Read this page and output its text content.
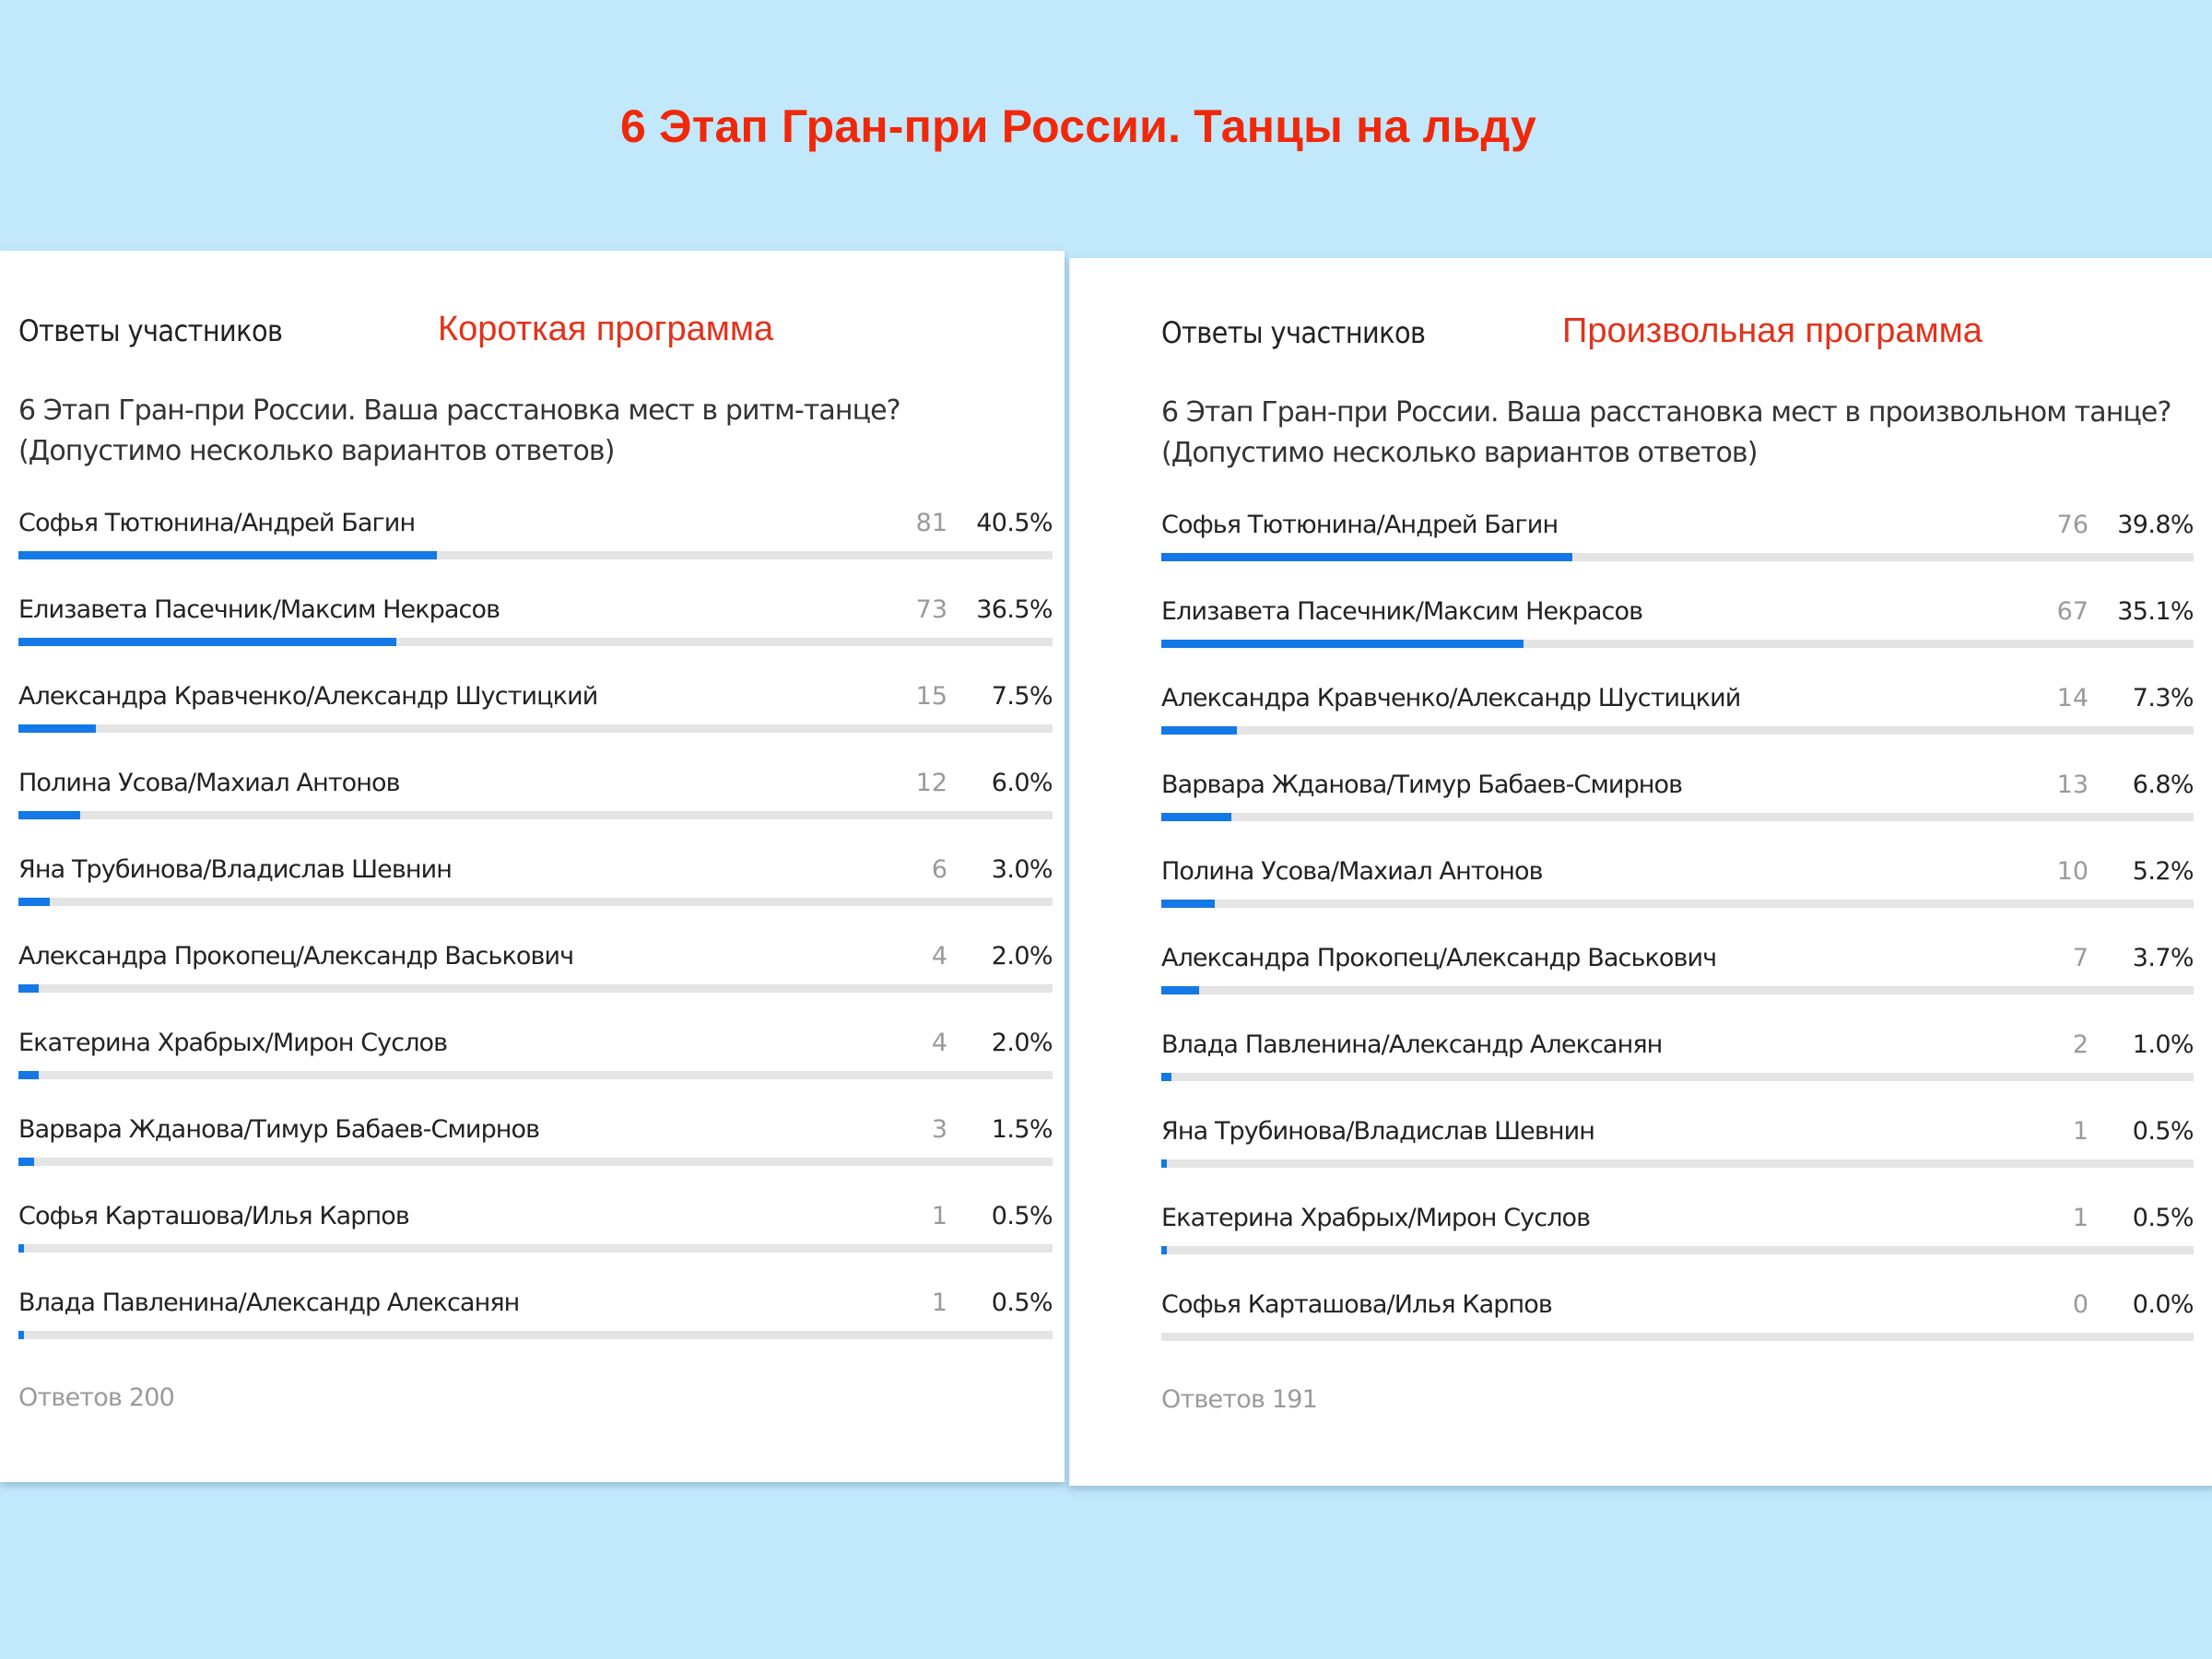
6 Этап Гран-при России. Танцы на льду
Ответы участников	Короткая программа
6 Этап Гран-при России. Ваша расстановка мест в ритм-танце? (Допустимо несколько вариантов ответов)
Софья Тютюнина/Андрей Багин	81 40.5%
Елизавета Пасечник/Максим Некрасов	73 36.5%
Александра Кравченко/Александр Шустицкий	15 7.5%
Полина Усова/Махиал Антонов	12 6.0%
Яна Трубинова/Владислав Шевнин	6 3.0%
Александра Прокопец/Александр Васькович	4 2.0%
Екатерина Храбрых/Мирон Суслов	4 2.0%
Варвара Жданова/Тимур Бабаев-Смирнов	3 1.5%
Софья Карташова/Илья Карпов	1 0.5%
Влада Павленина/Александр Алексанян	1 0.5%
Ответов 200
Ответы участников	Произвольная программа
6 Этап Гран-при России. Ваша расстановка мест в произвольном танце? (Допустимо несколько вариантов ответов)
Софья Тютюнина/Андрей Багин	76 39.8%
Елизавета Пасечник/Максим Некрасов	67 35.1%
Александра Кравченко/Александр Шустицкий	14 7.3%
Варвара Жданова/Тимур Бабаев-Смирнов	13 6.8%
Полина Усова/Махиал Антонов	10 5.2%
Александра Прокопец/Александр Васькович	7 3.7%
Влада Павленина/Александр Алексанян	2 1.0%
Яна Трубинова/Владислав Шевнин	1 0.5%
Екатерина Храбрых/Мирон Суслов	1 0.5%
Софья Карташова/Илья Карпов	0 0.0%
Ответов 191
